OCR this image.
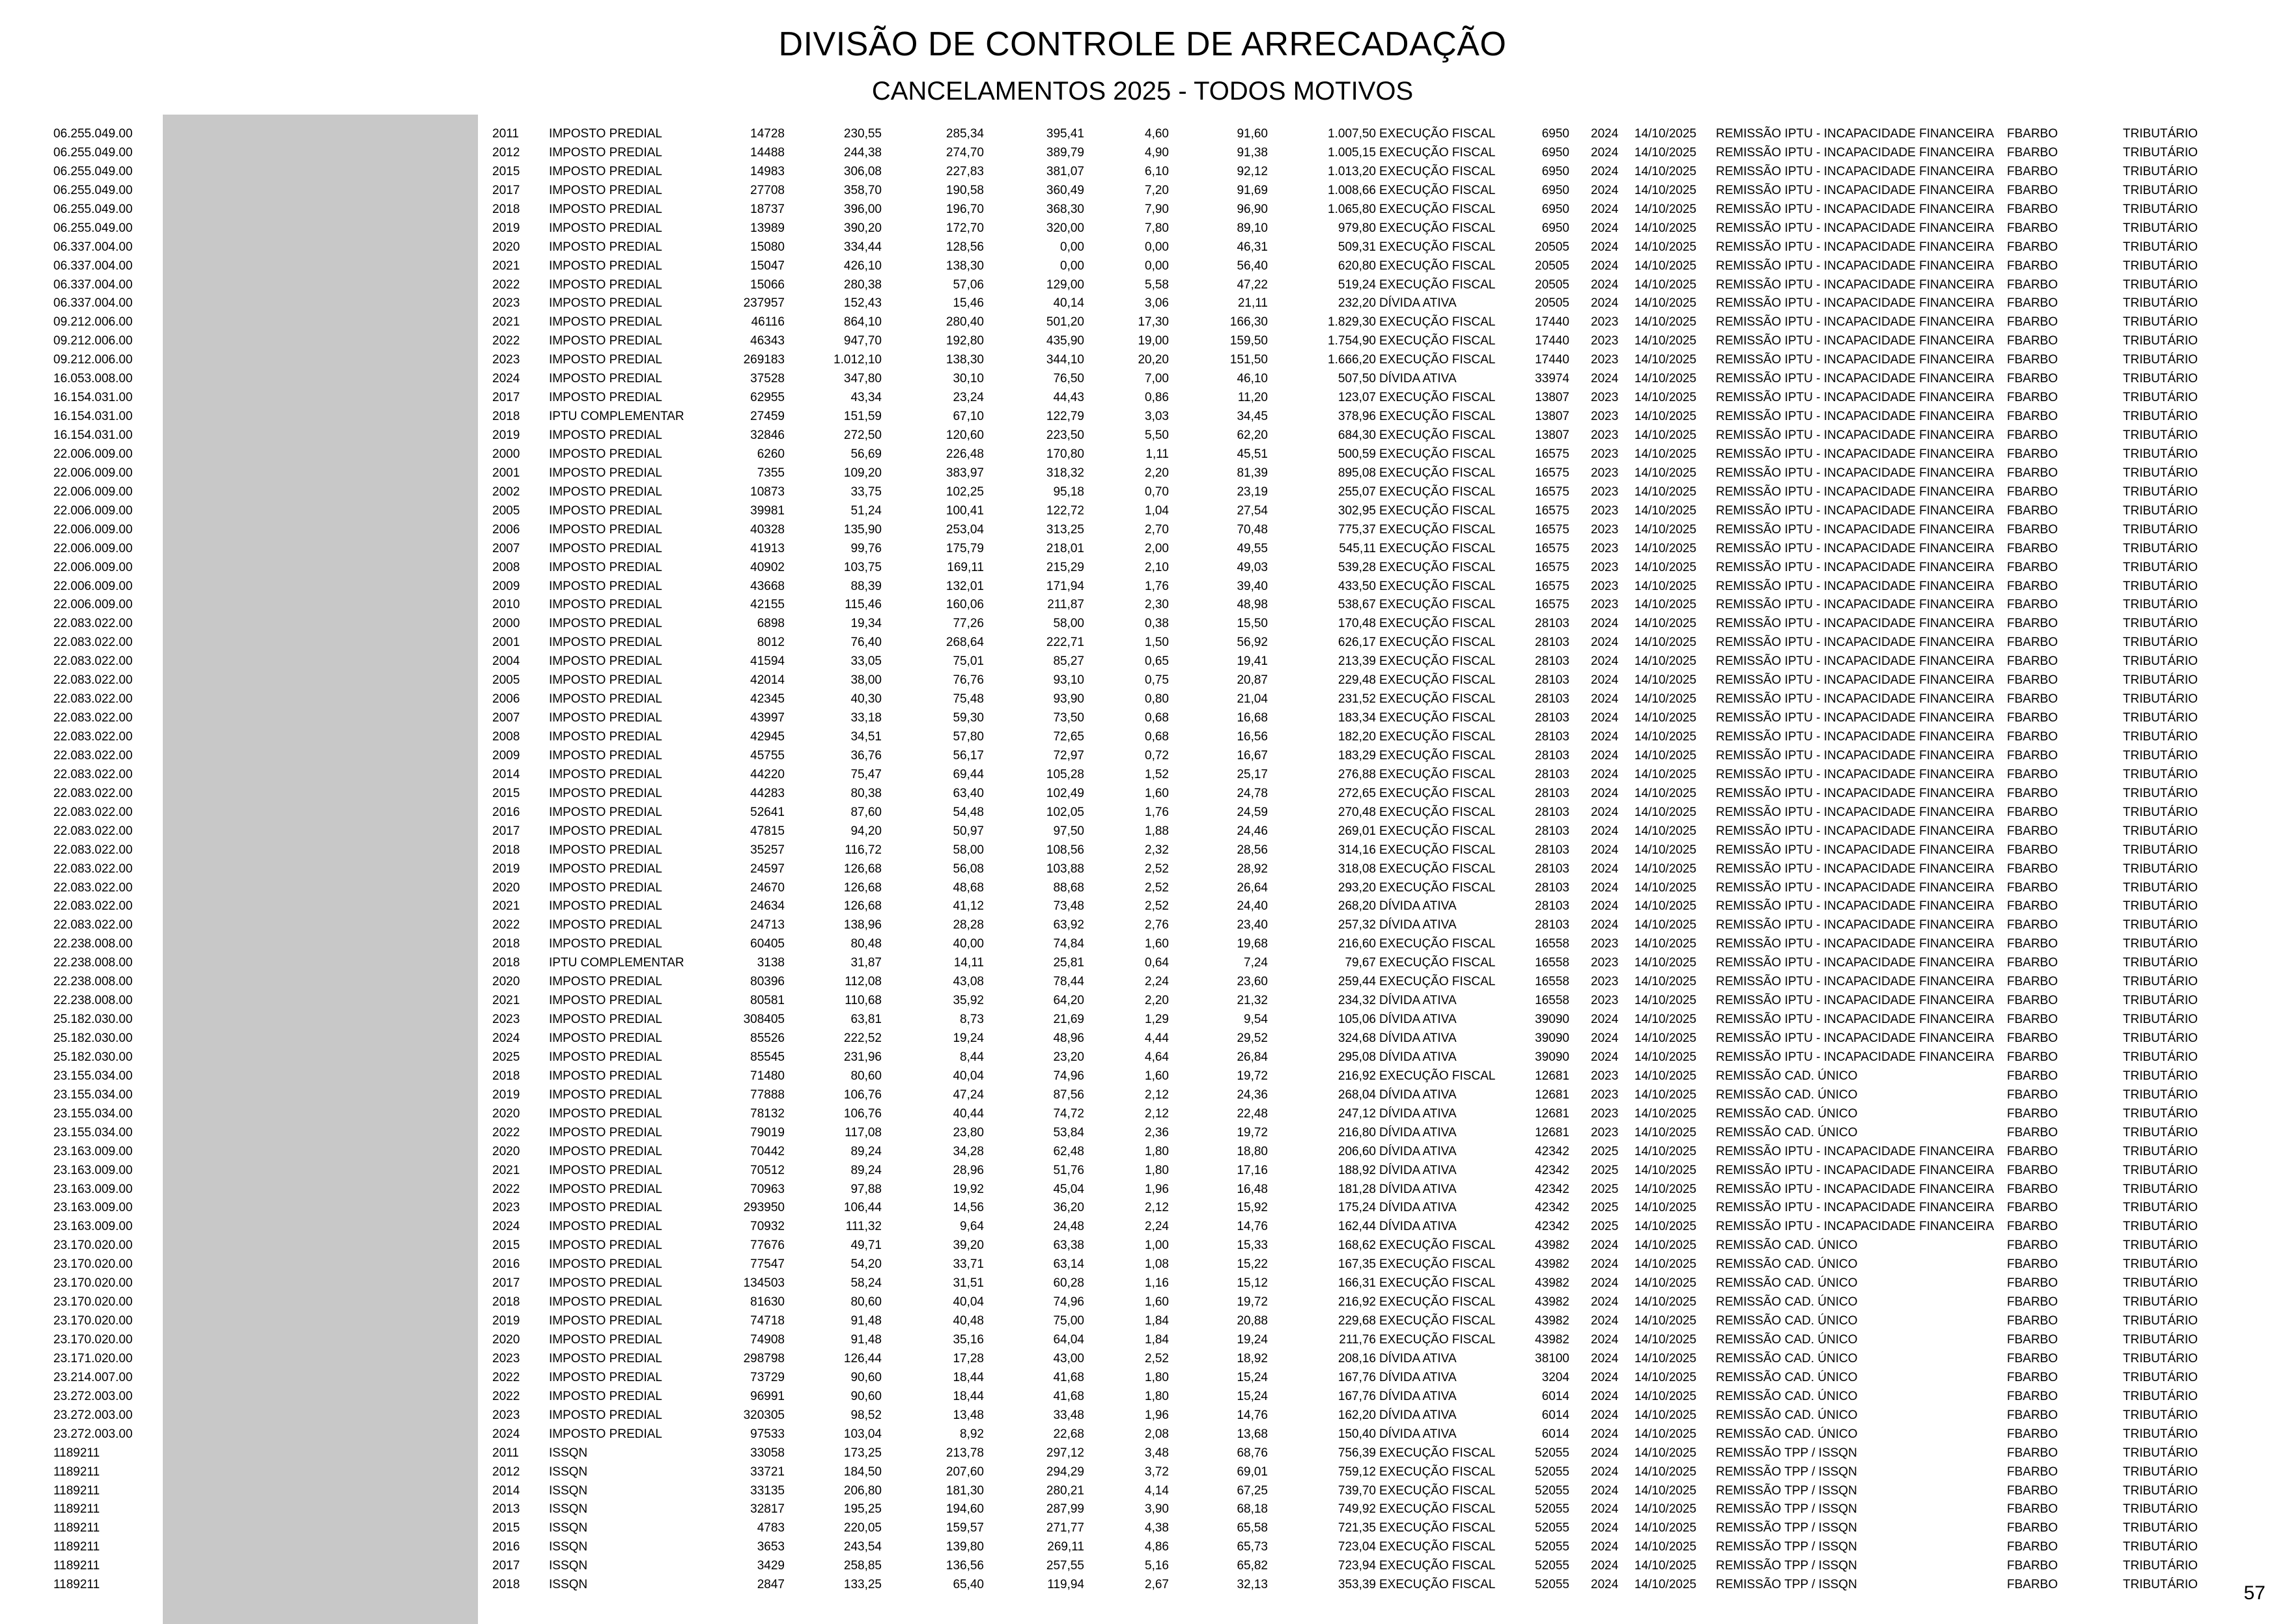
DIVISÃO DE CONTROLE DE ARRECADAÇÃO
CANCELAMENTOS 2025 - TODOS MOTIVOS
06.255.049.00	2011 IMPOSTO PREDIAL	14728	230,55	285,34	395,41	4,60	91,60	1.007,50 EXECUÇÃO FISCAL	6950 2024 14/10/2025 REMISSÃO IPTU - INCAPACIDADE FINANCEIRA FBARBO	TRIBUTÁRIO
06.255.049.00	2012 IMPOSTO PREDIAL	14488	244,38	274,70	389,79	4,90	91,38	1.005,15 EXECUÇÃO FISCAL	6950 2024 14/10/2025 REMISSÃO IPTU - INCAPACIDADE FINANCEIRA FBARBO	TRIBUTÁRIO
06.255.049.00	2015 IMPOSTO PREDIAL	14983	306,08	227,83	381,07	6,10	92,12	1.013,20 EXECUÇÃO FISCAL	6950 2024 14/10/2025 REMISSÃO IPTU - INCAPACIDADE FINANCEIRA FBARBO	TRIBUTÁRIO
06.255.049.00	2017 IMPOSTO PREDIAL	27708	358,70	190,58	360,49	7,20	91,69	1.008,66 EXECUÇÃO FISCAL	6950 2024 14/10/2025 REMISSÃO IPTU - INCAPACIDADE FINANCEIRA FBARBO	TRIBUTÁRIO
06.255.049.00	2018 IMPOSTO PREDIAL	18737	396,00	196,70	368,30	7,90	96,90	1.065,80 EXECUÇÃO FISCAL	6950 2024 14/10/2025 REMISSÃO IPTU - INCAPACIDADE FINANCEIRA FBARBO	TRIBUTÁRIO
06.255.049.00	2019 IMPOSTO PREDIAL	13989	390,20	172,70	320,00	7,80	89,10	979,80 EXECUÇÃO FISCAL	6950 2024 14/10/2025 REMISSÃO IPTU - INCAPACIDADE FINANCEIRA FBARBO	TRIBUTÁRIO
06.337.004.00	2020 IMPOSTO PREDIAL	15080	334,44	128,56	0,00	0,00	46,31	509,31 EXECUÇÃO FISCAL	20505 2024 14/10/2025 REMISSÃO IPTU - INCAPACIDADE FINANCEIRA FBARBO	TRIBUTÁRIO
06.337.004.00	2021 IMPOSTO PREDIAL	15047	426,10	138,30	0,00	0,00	56,40	620,80 EXECUÇÃO FISCAL	20505 2024 14/10/2025 REMISSÃO IPTU - INCAPACIDADE FINANCEIRA FBARBO	TRIBUTÁRIO
06.337.004.00	2022 IMPOSTO PREDIAL	15066	280,38	57,06	129,00	5,58	47,22	519,24 EXECUÇÃO FISCAL	20505 2024 14/10/2025 REMISSÃO IPTU - INCAPACIDADE FINANCEIRA FBARBO	TRIBUTÁRIO
06.337.004.00	2023 IMPOSTO PREDIAL	237957	152,43	15,46	40,14	3,06	21,11	232,20 DÍVIDA ATIVA	20505 2024 14/10/2025 REMISSÃO IPTU - INCAPACIDADE FINANCEIRA FBARBO	TRIBUTÁRIO
09.212.006.00	2021 IMPOSTO PREDIAL	46116	864,10	280,40	501,20	17,30	166,30	1.829,30 EXECUÇÃO FISCAL	17440 2023 14/10/2025 REMISSÃO IPTU - INCAPACIDADE FINANCEIRA FBARBO	TRIBUTÁRIO
09.212.006.00	2022 IMPOSTO PREDIAL	46343	947,70	192,80	435,90	19,00	159,50	1.754,90 EXECUÇÃO FISCAL	17440 2023 14/10/2025 REMISSÃO IPTU - INCAPACIDADE FINANCEIRA FBARBO	TRIBUTÁRIO
09.212.006.00	2023 IMPOSTO PREDIAL	269183	1.012,10	138,30	344,10	20,20	151,50	1.666,20 EXECUÇÃO FISCAL	17440 2023 14/10/2025 REMISSÃO IPTU - INCAPACIDADE FINANCEIRA FBARBO	TRIBUTÁRIO
16.053.008.00	2024 IMPOSTO PREDIAL	37528	347,80	30,10	76,50	7,00	46,10	507,50 DÍVIDA ATIVA	33974 2024 14/10/2025 REMISSÃO IPTU - INCAPACIDADE FINANCEIRA FBARBO	TRIBUTÁRIO
16.154.031.00	2017 IMPOSTO PREDIAL	62955	43,34	23,24	44,43	0,86	11,20	123,07 EXECUÇÃO FISCAL	13807 2023 14/10/2025 REMISSÃO IPTU - INCAPACIDADE FINANCEIRA FBARBO	TRIBUTÁRIO
16.154.031.00	2018 IPTU COMPLEMENTAR	27459	151,59	67,10	122,79	3,03	34,45	378,96 EXECUÇÃO FISCAL	13807 2023 14/10/2025 REMISSÃO IPTU - INCAPACIDADE FINANCEIRA FBARBO	TRIBUTÁRIO
16.154.031.00	2019 IMPOSTO PREDIAL	32846	272,50	120,60	223,50	5,50	62,20	684,30 EXECUÇÃO FISCAL	13807 2023 14/10/2025 REMISSÃO IPTU - INCAPACIDADE FINANCEIRA FBARBO	TRIBUTÁRIO
22.006.009.00	2000 IMPOSTO PREDIAL	6260	56,69	226,48	170,80	1,11	45,51	500,59 EXECUÇÃO FISCAL	16575 2023 14/10/2025 REMISSÃO IPTU - INCAPACIDADE FINANCEIRA FBARBO	TRIBUTÁRIO
22.006.009.00	2001 IMPOSTO PREDIAL	7355	109,20	383,97	318,32	2,20	81,39	895,08 EXECUÇÃO FISCAL	16575 2023 14/10/2025 REMISSÃO IPTU - INCAPACIDADE FINANCEIRA FBARBO	TRIBUTÁRIO
22.006.009.00	2002 IMPOSTO PREDIAL	10873	33,75	102,25	95,18	0,70	23,19	255,07 EXECUÇÃO FISCAL	16575 2023 14/10/2025 REMISSÃO IPTU - INCAPACIDADE FINANCEIRA FBARBO	TRIBUTÁRIO
22.006.009.00	2005 IMPOSTO PREDIAL	39981	51,24	100,41	122,72	1,04	27,54	302,95 EXECUÇÃO FISCAL	16575 2023 14/10/2025 REMISSÃO IPTU - INCAPACIDADE FINANCEIRA FBARBO	TRIBUTÁRIO
22.006.009.00	2006 IMPOSTO PREDIAL	40328	135,90	253,04	313,25	2,70	70,48	775,37 EXECUÇÃO FISCAL	16575 2023 14/10/2025 REMISSÃO IPTU - INCAPACIDADE FINANCEIRA FBARBO	TRIBUTÁRIO
22.006.009.00	2007 IMPOSTO PREDIAL	41913	99,76	175,79	218,01	2,00	49,55	545,11 EXECUÇÃO FISCAL	16575 2023 14/10/2025 REMISSÃO IPTU - INCAPACIDADE FINANCEIRA FBARBO	TRIBUTÁRIO
22.006.009.00	2008 IMPOSTO PREDIAL	40902	103,75	169,11	215,29	2,10	49,03	539,28 EXECUÇÃO FISCAL	16575 2023 14/10/2025 REMISSÃO IPTU - INCAPACIDADE FINANCEIRA FBARBO	TRIBUTÁRIO
22.006.009.00	2009 IMPOSTO PREDIAL	43668	88,39	132,01	171,94	1,76	39,40	433,50 EXECUÇÃO FISCAL	16575 2023 14/10/2025 REMISSÃO IPTU - INCAPACIDADE FINANCEIRA FBARBO	TRIBUTÁRIO
22.006.009.00	2010 IMPOSTO PREDIAL	42155	115,46	160,06	211,87	2,30	48,98	538,67 EXECUÇÃO FISCAL	16575 2023 14/10/2025 REMISSÃO IPTU - INCAPACIDADE FINANCEIRA FBARBO	TRIBUTÁRIO
22.083.022.00	2000 IMPOSTO PREDIAL	6898	19,34	77,26	58,00	0,38	15,50	170,48 EXECUÇÃO FISCAL	28103 2024 14/10/2025 REMISSÃO IPTU - INCAPACIDADE FINANCEIRA FBARBO	TRIBUTÁRIO
22.083.022.00	2001 IMPOSTO PREDIAL	8012	76,40	268,64	222,71	1,50	56,92	626,17 EXECUÇÃO FISCAL	28103 2024 14/10/2025 REMISSÃO IPTU - INCAPACIDADE FINANCEIRA FBARBO	TRIBUTÁRIO
22.083.022.00	2004 IMPOSTO PREDIAL	41594	33,05	75,01	85,27	0,65	19,41	213,39 EXECUÇÃO FISCAL	28103 2024 14/10/2025 REMISSÃO IPTU - INCAPACIDADE FINANCEIRA FBARBO	TRIBUTÁRIO
22.083.022.00	2005 IMPOSTO PREDIAL	42014	38,00	76,76	93,10	0,75	20,87	229,48 EXECUÇÃO FISCAL	28103 2024 14/10/2025 REMISSÃO IPTU - INCAPACIDADE FINANCEIRA FBARBO	TRIBUTÁRIO
22.083.022.00	2006 IMPOSTO PREDIAL	42345	40,30	75,48	93,90	0,80	21,04	231,52 EXECUÇÃO FISCAL	28103 2024 14/10/2025 REMISSÃO IPTU - INCAPACIDADE FINANCEIRA FBARBO	TRIBUTÁRIO
22.083.022.00	2007 IMPOSTO PREDIAL	43997	33,18	59,30	73,50	0,68	16,68	183,34 EXECUÇÃO FISCAL	28103 2024 14/10/2025 REMISSÃO IPTU - INCAPACIDADE FINANCEIRA FBARBO	TRIBUTÁRIO
22.083.022.00	2008 IMPOSTO PREDIAL	42945	34,51	57,80	72,65	0,68	16,56	182,20 EXECUÇÃO FISCAL	28103 2024 14/10/2025 REMISSÃO IPTU - INCAPACIDADE FINANCEIRA FBARBO	TRIBUTÁRIO
22.083.022.00	2009 IMPOSTO PREDIAL	45755	36,76	56,17	72,97	0,72	16,67	183,29 EXECUÇÃO FISCAL	28103 2024 14/10/2025 REMISSÃO IPTU - INCAPACIDADE FINANCEIRA FBARBO	TRIBUTÁRIO
22.083.022.00	2014 IMPOSTO PREDIAL	44220	75,47	69,44	105,28	1,52	25,17	276,88 EXECUÇÃO FISCAL	28103 2024 14/10/2025 REMISSÃO IPTU - INCAPACIDADE FINANCEIRA FBARBO	TRIBUTÁRIO
22.083.022.00	2015 IMPOSTO PREDIAL	44283	80,38	63,40	102,49	1,60	24,78	272,65 EXECUÇÃO FISCAL	28103 2024 14/10/2025 REMISSÃO IPTU - INCAPACIDADE FINANCEIRA FBARBO	TRIBUTÁRIO
22.083.022.00	2016 IMPOSTO PREDIAL	52641	87,60	54,48	102,05	1,76	24,59	270,48 EXECUÇÃO FISCAL	28103 2024 14/10/2025 REMISSÃO IPTU - INCAPACIDADE FINANCEIRA FBARBO	TRIBUTÁRIO
22.083.022.00	2017 IMPOSTO PREDIAL	47815	94,20	50,97	97,50	1,88	24,46	269,01 EXECUÇÃO FISCAL	28103 2024 14/10/2025 REMISSÃO IPTU - INCAPACIDADE FINANCEIRA FBARBO	TRIBUTÁRIO
22.083.022.00	2018 IMPOSTO PREDIAL	35257	116,72	58,00	108,56	2,32	28,56	314,16 EXECUÇÃO FISCAL	28103 2024 14/10/2025 REMISSÃO IPTU - INCAPACIDADE FINANCEIRA FBARBO	TRIBUTÁRIO
22.083.022.00	2019 IMPOSTO PREDIAL	24597	126,68	56,08	103,88	2,52	28,92	318,08 EXECUÇÃO FISCAL	28103 2024 14/10/2025 REMISSÃO IPTU - INCAPACIDADE FINANCEIRA FBARBO	TRIBUTÁRIO
22.083.022.00	2020 IMPOSTO PREDIAL	24670	126,68	48,68	88,68	2,52	26,64	293,20 EXECUÇÃO FISCAL	28103 2024 14/10/2025 REMISSÃO IPTU - INCAPACIDADE FINANCEIRA FBARBO	TRIBUTÁRIO
22.083.022.00	2021 IMPOSTO PREDIAL	24634	126,68	41,12	73,48	2,52	24,40	268,20 DÍVIDA ATIVA	28103 2024 14/10/2025 REMISSÃO IPTU - INCAPACIDADE FINANCEIRA FBARBO	TRIBUTÁRIO
22.083.022.00	2022 IMPOSTO PREDIAL	24713	138,96	28,28	63,92	2,76	23,40	257,32 DÍVIDA ATIVA	28103 2024 14/10/2025 REMISSÃO IPTU - INCAPACIDADE FINANCEIRA FBARBO	TRIBUTÁRIO
22.238.008.00	2018 IMPOSTO PREDIAL	60405	80,48	40,00	74,84	1,60	19,68	216,60 EXECUÇÃO FISCAL	16558 2023 14/10/2025 REMISSÃO IPTU - INCAPACIDADE FINANCEIRA FBARBO	TRIBUTÁRIO
22.238.008.00	2018 IPTU COMPLEMENTAR	3138	31,87	14,11	25,81	0,64	7,24	79,67 EXECUÇÃO FISCAL	16558 2023 14/10/2025 REMISSÃO IPTU - INCAPACIDADE FINANCEIRA FBARBO	TRIBUTÁRIO
22.238.008.00	2020 IMPOSTO PREDIAL	80396	112,08	43,08	78,44	2,24	23,60	259,44 EXECUÇÃO FISCAL	16558 2023 14/10/2025 REMISSÃO IPTU - INCAPACIDADE FINANCEIRA FBARBO	TRIBUTÁRIO
22.238.008.00	2021 IMPOSTO PREDIAL	80581	110,68	35,92	64,20	2,20	21,32	234,32 DÍVIDA ATIVA	16558 2023 14/10/2025 REMISSÃO IPTU - INCAPACIDADE FINANCEIRA FBARBO	TRIBUTÁRIO
25.182.030.00	2023 IMPOSTO PREDIAL	308405	63,81	8,73	21,69	1,29	9,54	105,06 DÍVIDA ATIVA	39090 2024 14/10/2025 REMISSÃO IPTU - INCAPACIDADE FINANCEIRA FBARBO	TRIBUTÁRIO
25.182.030.00	2024 IMPOSTO PREDIAL	85526	222,52	19,24	48,96	4,44	29,52	324,68 DÍVIDA ATIVA	39090 2024 14/10/2025 REMISSÃO IPTU - INCAPACIDADE FINANCEIRA FBARBO	TRIBUTÁRIO
25.182.030.00	2025 IMPOSTO PREDIAL	85545	231,96	8,44	23,20	4,64	26,84	295,08 DÍVIDA ATIVA	39090 2024 14/10/2025 REMISSÃO IPTU - INCAPACIDADE FINANCEIRA FBARBO	TRIBUTÁRIO
23.155.034.00	2018 IMPOSTO PREDIAL	71480	80,60	40,04	74,96	1,60	19,72	216,92 EXECUÇÃO FISCAL	12681 2023 14/10/2025 REMISSÃO CAD. ÚNICO	FBARBO	TRIBUTÁRIO
23.155.034.00	2019 IMPOSTO PREDIAL	77888	106,76	47,24	87,56	2,12	24,36	268,04 DÍVIDA ATIVA	12681 2023 14/10/2025 REMISSÃO CAD. ÚNICO	FBARBO	TRIBUTÁRIO
23.155.034.00	2020 IMPOSTO PREDIAL	78132	106,76	40,44	74,72	2,12	22,48	247,12 DÍVIDA ATIVA	12681 2023 14/10/2025 REMISSÃO CAD. ÚNICO	FBARBO	TRIBUTÁRIO
23.155.034.00	2022 IMPOSTO PREDIAL	79019	117,08	23,80	53,84	2,36	19,72	216,80 DÍVIDA ATIVA	12681 2023 14/10/2025 REMISSÃO CAD. ÚNICO	FBARBO	TRIBUTÁRIO
23.163.009.00	2020 IMPOSTO PREDIAL	70442	89,24	34,28	62,48	1,80	18,80	206,60 DÍVIDA ATIVA	42342 2025 14/10/2025 REMISSÃO IPTU - INCAPACIDADE FINANCEIRA FBARBO	TRIBUTÁRIO
23.163.009.00	2021 IMPOSTO PREDIAL	70512	89,24	28,96	51,76	1,80	17,16	188,92 DÍVIDA ATIVA	42342 2025 14/10/2025 REMISSÃO IPTU - INCAPACIDADE FINANCEIRA FBARBO	TRIBUTÁRIO
23.163.009.00	2022 IMPOSTO PREDIAL	70963	97,88	19,92	45,04	1,96	16,48	181,28 DÍVIDA ATIVA	42342 2025 14/10/2025 REMISSÃO IPTU - INCAPACIDADE FINANCEIRA FBARBO	TRIBUTÁRIO
23.163.009.00	2023 IMPOSTO PREDIAL	293950	106,44	14,56	36,20	2,12	15,92	175,24 DÍVIDA ATIVA	42342 2025 14/10/2025 REMISSÃO IPTU - INCAPACIDADE FINANCEIRA FBARBO	TRIBUTÁRIO
23.163.009.00	2024 IMPOSTO PREDIAL	70932	111,32	9,64	24,48	2,24	14,76	162,44 DÍVIDA ATIVA	42342 2025 14/10/2025 REMISSÃO IPTU - INCAPACIDADE FINANCEIRA FBARBO	TRIBUTÁRIO
23.170.020.00	2015 IMPOSTO PREDIAL	77676	49,71	39,20	63,38	1,00	15,33	168,62 EXECUÇÃO FISCAL	43982 2024 14/10/2025 REMISSÃO CAD. ÚNICO	FBARBO	TRIBUTÁRIO
23.170.020.00	2016 IMPOSTO PREDIAL	77547	54,20	33,71	63,14	1,08	15,22	167,35 EXECUÇÃO FISCAL	43982 2024 14/10/2025 REMISSÃO CAD. ÚNICO	FBARBO	TRIBUTÁRIO
23.170.020.00	2017 IMPOSTO PREDIAL	134503	58,24	31,51	60,28	1,16	15,12	166,31 EXECUÇÃO FISCAL	43982 2024 14/10/2025 REMISSÃO CAD. ÚNICO	FBARBO	TRIBUTÁRIO
23.170.020.00	2018 IMPOSTO PREDIAL	81630	80,60	40,04	74,96	1,60	19,72	216,92 EXECUÇÃO FISCAL	43982 2024 14/10/2025 REMISSÃO CAD. ÚNICO	FBARBO	TRIBUTÁRIO
23.170.020.00	2019 IMPOSTO PREDIAL	74718	91,48	40,48	75,00	1,84	20,88	229,68 EXECUÇÃO FISCAL	43982 2024 14/10/2025 REMISSÃO CAD. ÚNICO	FBARBO	TRIBUTÁRIO
23.170.020.00	2020 IMPOSTO PREDIAL	74908	91,48	35,16	64,04	1,84	19,24	211,76 EXECUÇÃO FISCAL	43982 2024 14/10/2025 REMISSÃO CAD. ÚNICO	FBARBO	TRIBUTÁRIO
23.171.020.00	2023 IMPOSTO PREDIAL	298798	126,44	17,28	43,00	2,52	18,92	208,16 DÍVIDA ATIVA	38100 2024 14/10/2025 REMISSÃO CAD. ÚNICO	FBARBO	TRIBUTÁRIO
23.214.007.00	2022 IMPOSTO PREDIAL	73729	90,60	18,44	41,68	1,80	15,24	167,76 DÍVIDA ATIVA	3204 2024 14/10/2025 REMISSÃO CAD. ÚNICO	FBARBO	TRIBUTÁRIO
23.272.003.00	2022 IMPOSTO PREDIAL	96991	90,60	18,44	41,68	1,80	15,24	167,76 DÍVIDA ATIVA	6014 2024 14/10/2025 REMISSÃO CAD. ÚNICO	FBARBO	TRIBUTÁRIO
23.272.003.00	2023 IMPOSTO PREDIAL	320305	98,52	13,48	33,48	1,96	14,76	162,20 DÍVIDA ATIVA	6014 2024 14/10/2025 REMISSÃO CAD. ÚNICO	FBARBO	TRIBUTÁRIO
23.272.003.00	2024 IMPOSTO PREDIAL	97533	103,04	8,92	22,68	2,08	13,68	150,40 DÍVIDA ATIVA	6014 2024 14/10/2025 REMISSÃO CAD. ÚNICO	FBARBO	TRIBUTÁRIO
1189211	2011 ISSQN	33058	173,25	213,78	297,12	3,48	68,76	756,39 EXECUÇÃO FISCAL	52055 2024 14/10/2025 REMISSÃO TPP / ISSQN	FBARBO	TRIBUTÁRIO
1189211	2012 ISSQN	33721	184,50	207,60	294,29	3,72	69,01	759,12 EXECUÇÃO FISCAL	52055 2024 14/10/2025 REMISSÃO TPP / ISSQN	FBARBO	TRIBUTÁRIO
1189211	2014 ISSQN	33135	206,80	181,30	280,21	4,14	67,25	739,70 EXECUÇÃO FISCAL	52055 2024 14/10/2025 REMISSÃO TPP / ISSQN	FBARBO	TRIBUTÁRIO
1189211	2013 ISSQN	32817	195,25	194,60	287,99	3,90	68,18	749,92 EXECUÇÃO FISCAL	52055 2024 14/10/2025 REMISSÃO TPP / ISSQN	FBARBO	TRIBUTÁRIO
1189211	2015 ISSQN	4783	220,05	159,57	271,77	4,38	65,58	721,35 EXECUÇÃO FISCAL	52055 2024 14/10/2025 REMISSÃO TPP / ISSQN	FBARBO	TRIBUTÁRIO
1189211	2016 ISSQN	3653	243,54	139,80	269,11	4,86	65,73	723,04 EXECUÇÃO FISCAL	52055 2024 14/10/2025 REMISSÃO TPP / ISSQN	FBARBO	TRIBUTÁRIO
1189211	2017 ISSQN	3429	258,85	136,56	257,55	5,16	65,82	723,94 EXECUÇÃO FISCAL	52055 2024 14/10/2025 REMISSÃO TPP / ISSQN	FBARBO	TRIBUTÁRIO
1189211	2018 ISSQN	2847	133,25	65,40	119,94	2,67	32,13	353,39 EXECUÇÃO FISCAL	52055 2024 14/10/2025 REMISSÃO TPP / ISSQN	FBARBO	TRIBUTÁRIO 57
